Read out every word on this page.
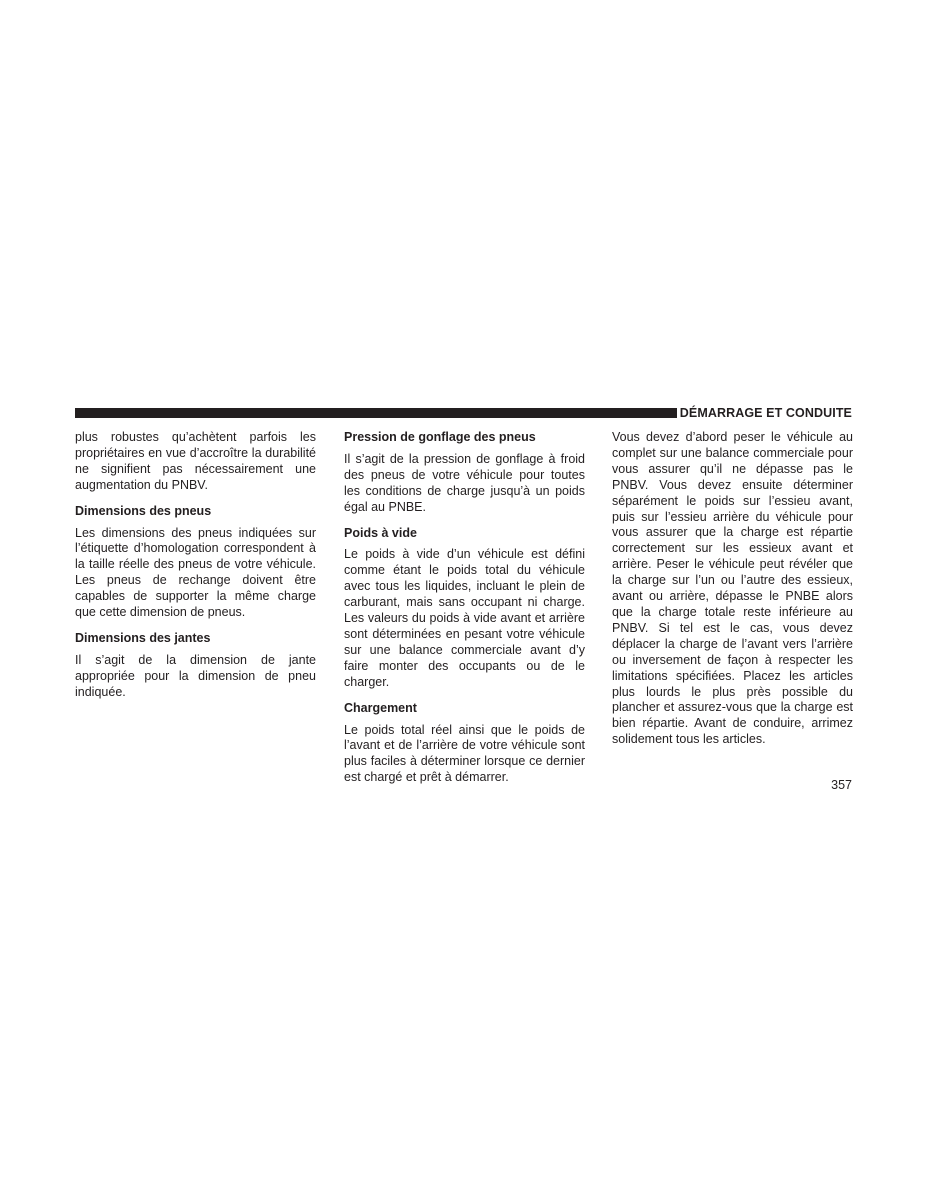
DÉMARRAGE ET CONDUITE

plus robustes qu’achètent parfois les propriétaires en vue d’accroître la durabilité ne signifient pas nécessairement une augmentation du PNBV.

Dimensions des pneus

Les dimensions des pneus indiquées sur l’étiquette d’homologation correspondent à la taille réelle des pneus de votre véhicule. Les pneus de rechange doivent être capables de supporter la même charge que cette dimension de pneus.

Dimensions des jantes

Il s’agit de la dimension de jante appropriée pour la dimension de pneu indiquée.

Pression de gonflage des pneus

Il s’agit de la pression de gonflage à froid des pneus de votre véhicule pour toutes les conditions de charge jusqu’à un poids égal au PNBE.

Poids à vide

Le poids à vide d’un véhicule est défini comme étant le poids total du véhicule avec tous les liquides, incluant le plein de carburant, mais sans occupant ni charge. Les valeurs du poids à vide avant et arrière sont déterminées en pesant votre véhicule sur une balance commerciale avant d’y faire monter des occupants ou de le charger.

Chargement

Le poids total réel ainsi que le poids de l’avant et de l’arrière de votre véhicule sont plus faciles à déterminer lorsque ce dernier est chargé et prêt à démarrer.

Vous devez d’abord peser le véhicule au complet sur une balance commerciale pour vous assurer qu’il ne dépasse pas le PNBV. Vous devez ensuite déterminer séparément le poids sur l’essieu avant, puis sur l’essieu arrière du véhicule pour vous assurer que la charge est répartie correctement sur les essieux avant et arrière. Peser le véhicule peut révéler que la charge sur l’un ou l’autre des essieux, avant ou arrière, dépasse le PNBE alors que la charge totale reste inférieure au PNBV. Si tel est le cas, vous devez déplacer la charge de l’avant vers l’arrière ou inversement de façon à respecter les limitations spécifiées. Placez les articles plus lourds le plus près possible du plancher et assurez-vous que la charge est bien répartie. Avant de conduire, arrimez solidement tous les articles.

357
